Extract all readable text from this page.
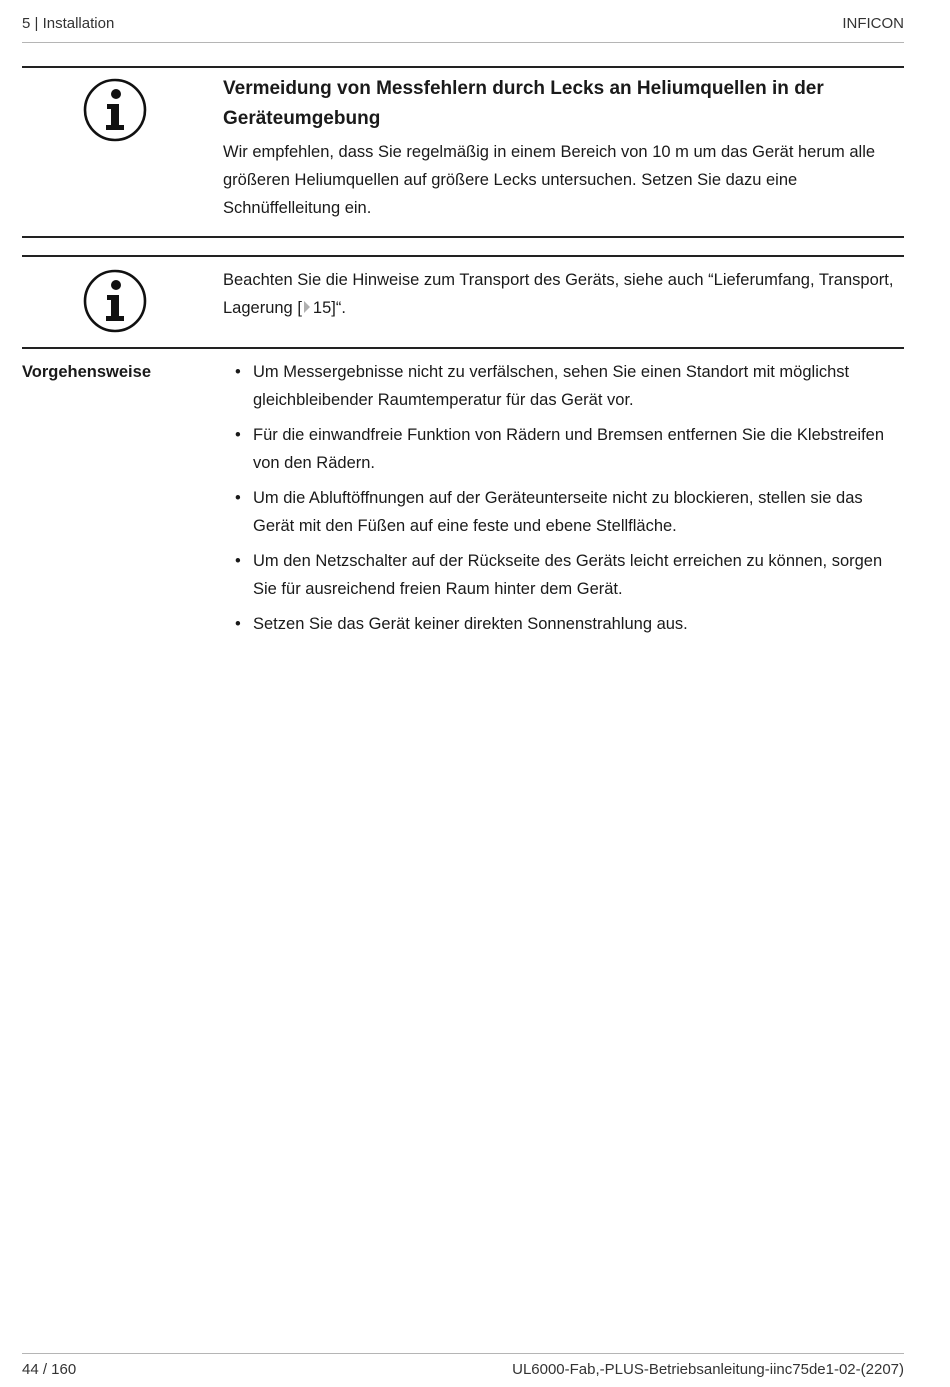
5 | Installation	INFICON

Vermeidung von Messfehlern durch Lecks an Heliumquellen in der Geräteumgebung

Wir empfehlen, dass Sie regelmäßig in einem Bereich von 10 m um das Gerät herum alle größeren Heliumquellen auf größere Lecks untersuchen. Setzen Sie dazu eine Schnüffelleitung ein.

Beachten Sie die Hinweise zum Transport des Geräts, siehe auch “Lieferumfang, Transport, Lagerung [ 15]“.

Vorgehensweise	• Um Messergebnisse nicht zu verfälschen, sehen Sie einen Standort mit möglichst gleichbleibender Raumtemperatur für das Gerät vor.
• Für die einwandfreie Funktion von Rädern und Bremsen entfernen Sie die Klebstreifen von den Rädern.
• Um die Abluftöffnungen auf der Geräteunterseite nicht zu blockieren, stellen sie das Gerät mit den Füßen auf eine feste und ebene Stellfläche.
• Um den Netzschalter auf der Rückseite des Geräts leicht erreichen zu können, sorgen Sie für ausreichend freien Raum hinter dem Gerät.
• Setzen Sie das Gerät keiner direkten Sonnenstrahlung aus.
44 / 160	UL6000-Fab,-PLUS-Betriebsanleitung-iinc75de1-02-(2207)
